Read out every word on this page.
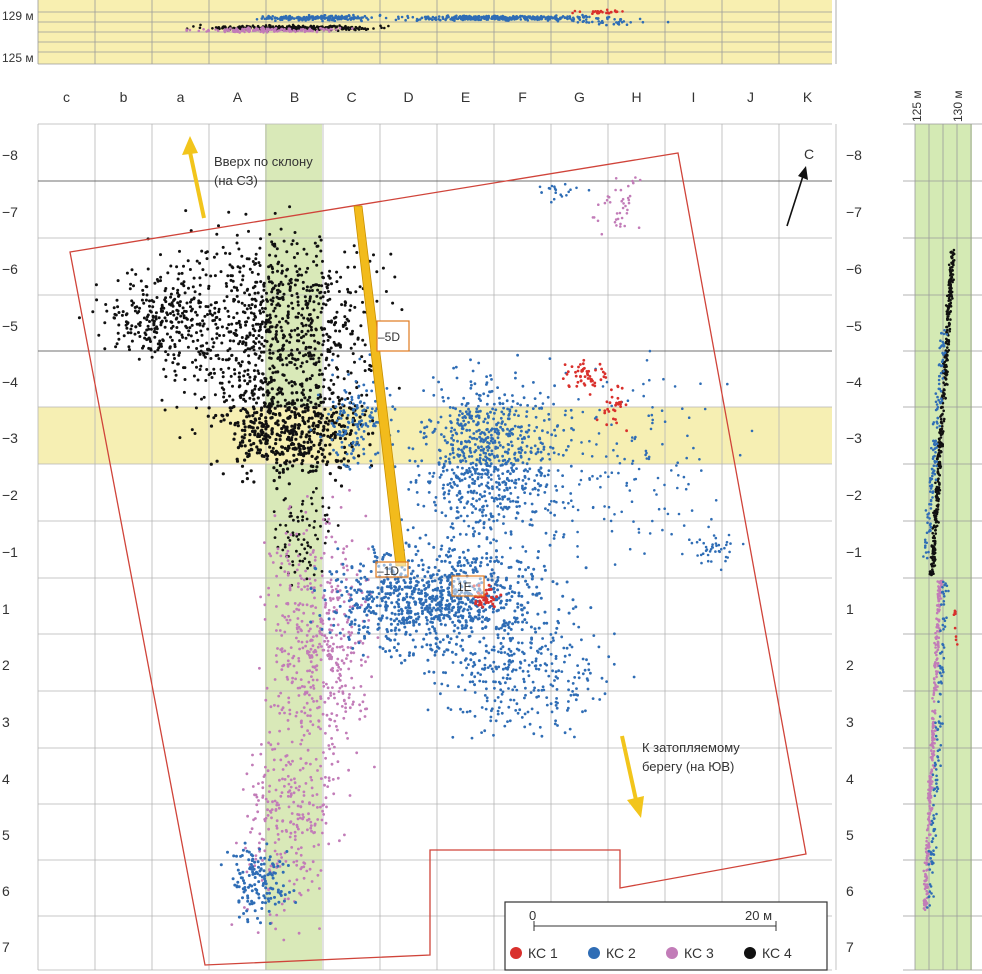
129 м
125 м
c	b	a	A	B	C	D	E	F	G	H	I	J	K
–5D
–1D
1E
Вверх по склону
(на СЗ)
К затопляемому
берегу (на ЮВ)
С
0	20 м
КС 1	КС 2	КС 3	КС 4
−8
−7
−6
−5
−4
−3
−2
−1
1
2
3
4
5
6
7
−8
−7
−6
−5
−4
−3
−2
−1
1
2
3
4
5
6
7
125 м 130 м
